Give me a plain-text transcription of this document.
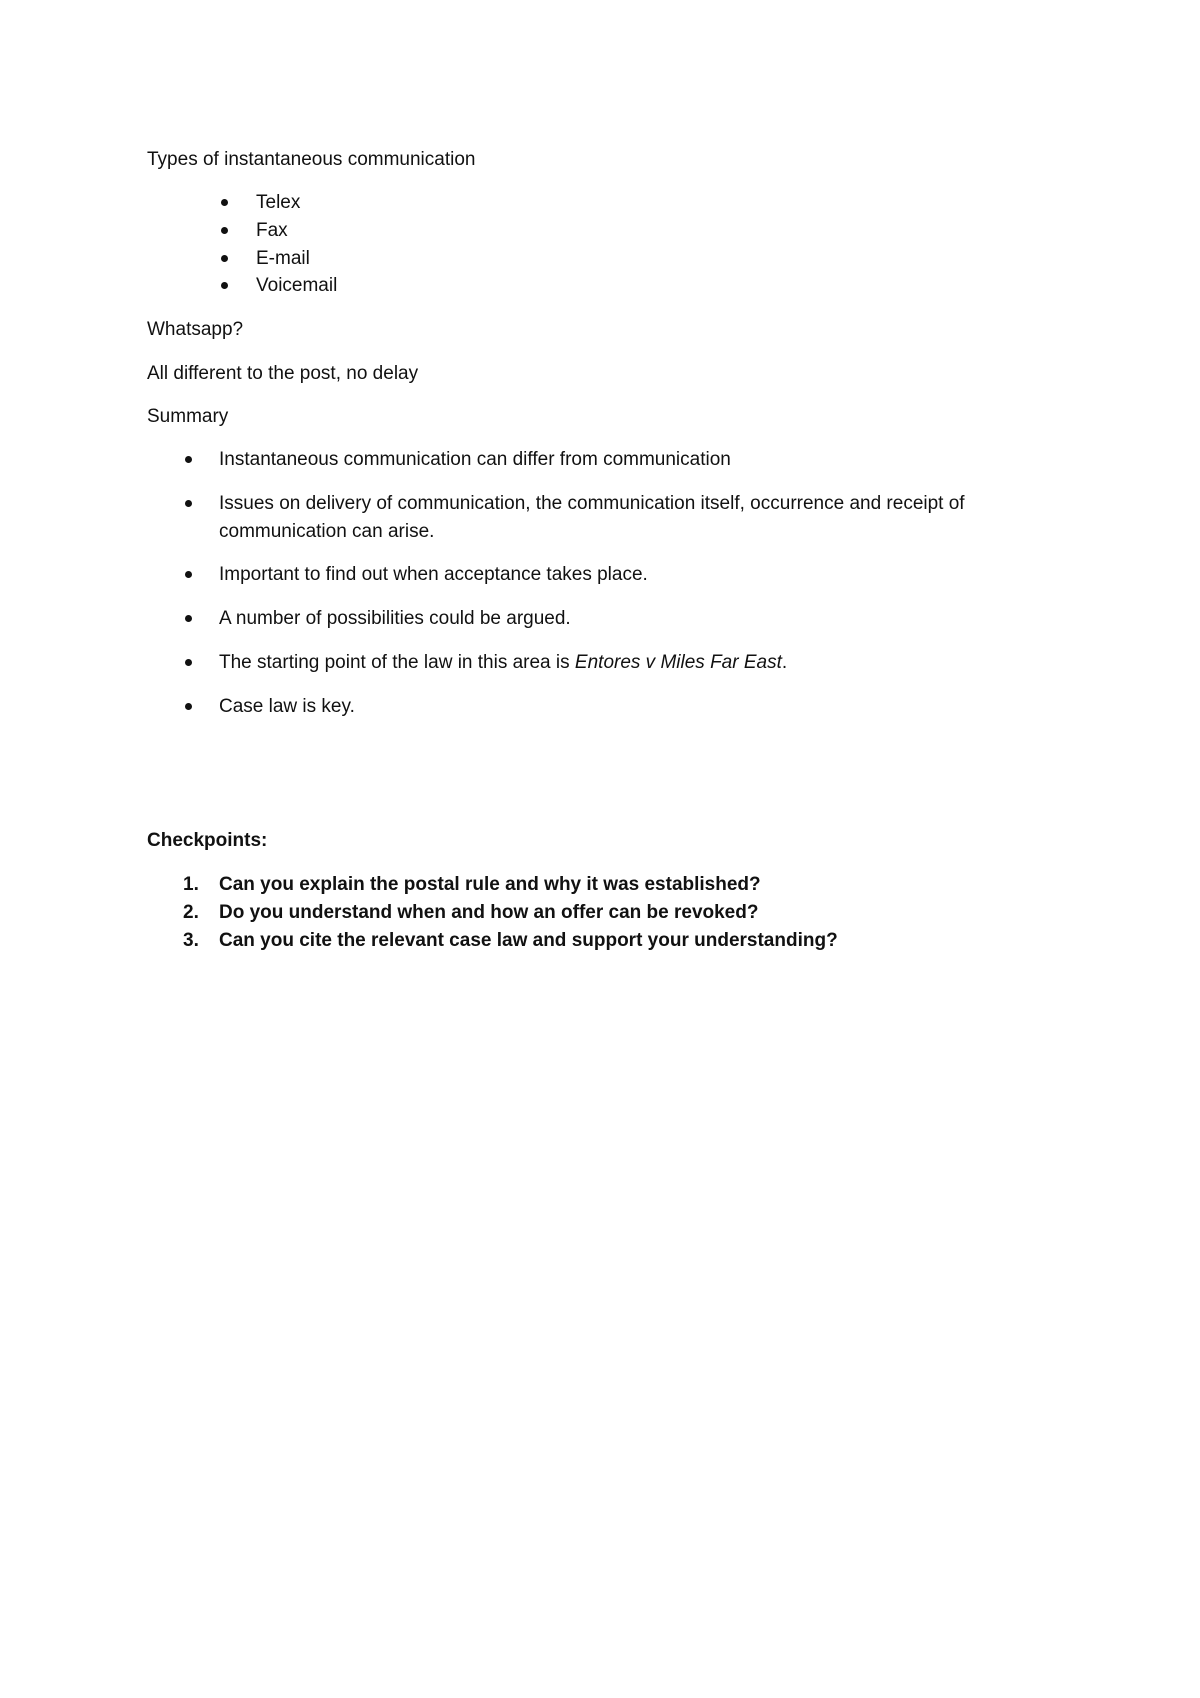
Types of instantaneous communication
Telex
Fax
E-mail
Voicemail
Whatsapp?
All different to the post, no delay
Summary
Instantaneous communication can differ from communication
Issues on delivery of communication, the communication itself, occurrence and receipt of communication can arise.
Important to find out when acceptance takes place.
A number of possibilities could be argued.
The starting point of the law in this area is Entores v Miles Far East.
Case law is key.
Checkpoints:
1. Can you explain the postal rule and why it was established?
2. Do you understand when and how an offer can be revoked?
3. Can you cite the relevant case law and support your understanding?
